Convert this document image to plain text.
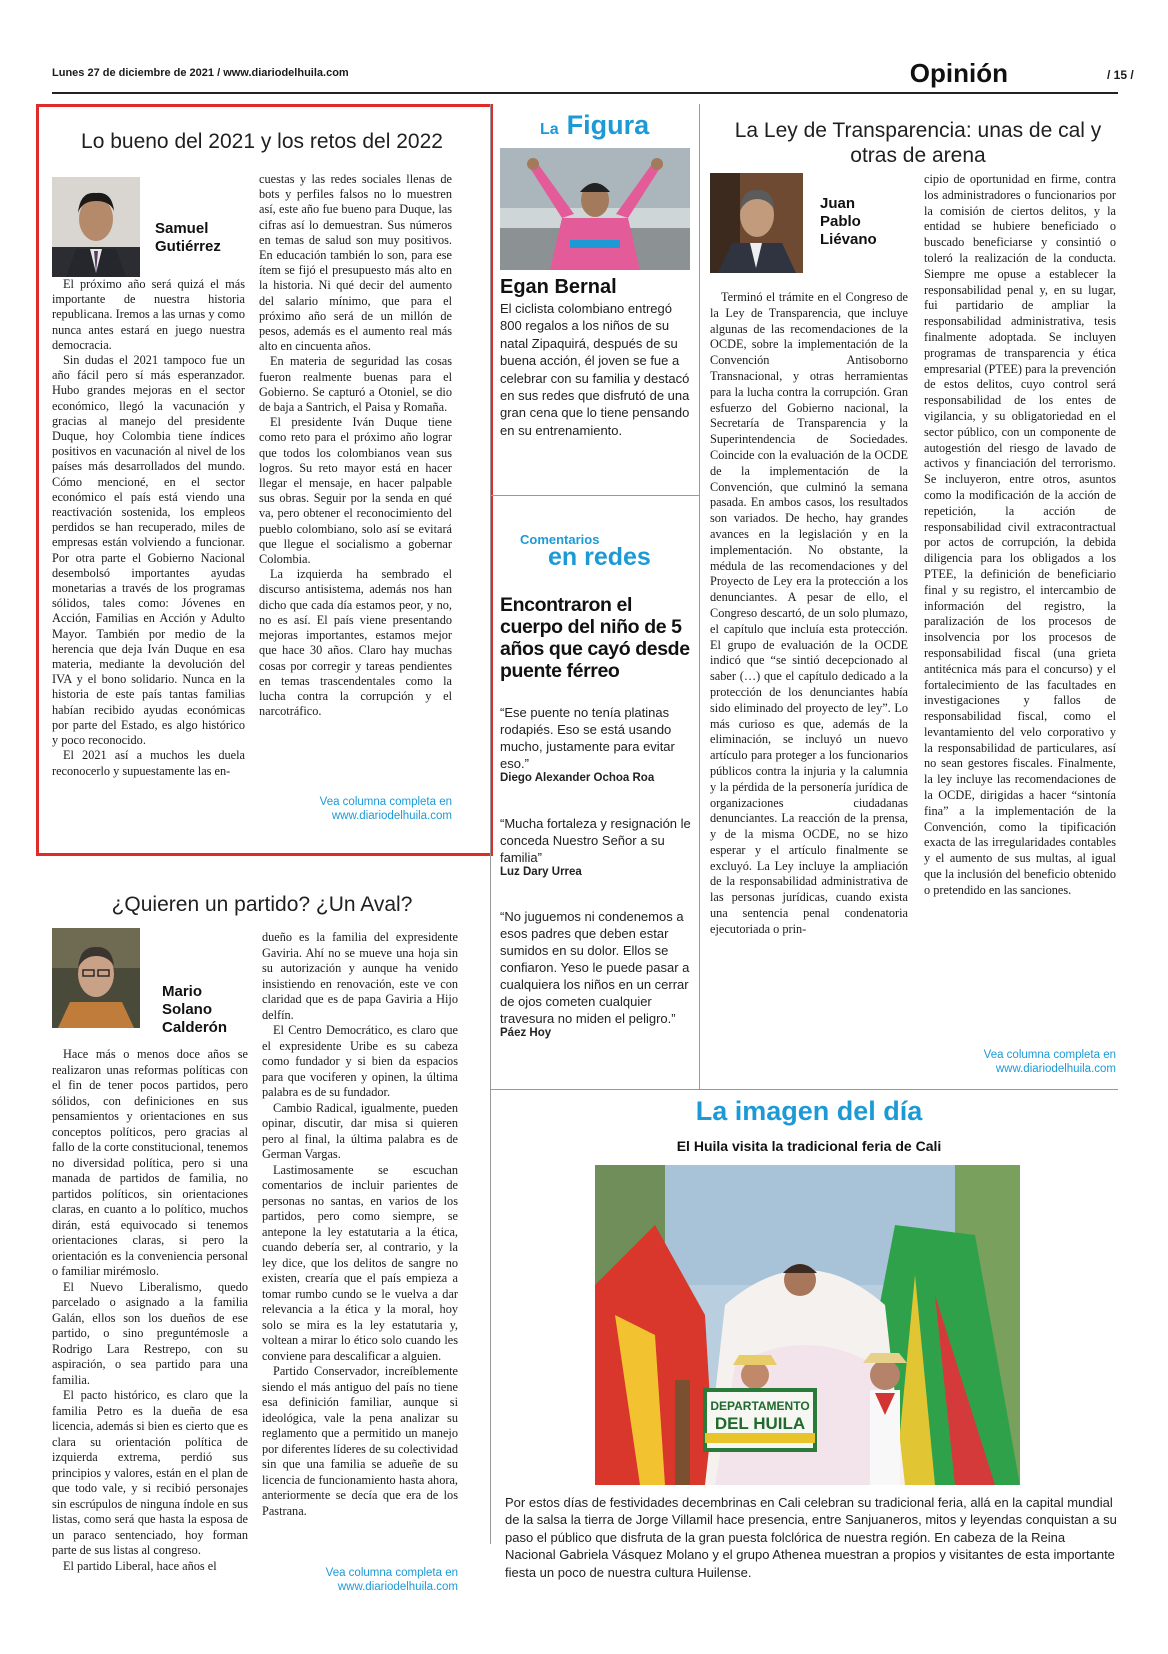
Lunes 27 de diciembre de 2021 / www.diariodelhuila.com	Opinión	/ 15 /
Lo bueno del 2021 y los retos del 2022
Samuel
Gutiérrez

El próximo año será quizá el más importante de nuestra historia republicana. Iremos a las urnas y como nunca antes estará en juego nuestra democracia.

Sin dudas el 2021 tampoco fue un año fácil pero sí más esperanzador. Hubo grandes mejoras en el sector económico, llegó la vacunación y gracias al manejo del presidente Duque, hoy Colombia tiene índices positivos en vacunación al nivel de los países más desarrollados del mundo. Cómo mencioné, en el sector económico el país está viendo una reactivación sostenida, los empleos perdidos se han recuperado, miles de empresas están volviendo a funcionar. Por otra parte el Gobierno Nacional desembolsó importantes ayudas monetarias a través de los programas sólidos, tales como: Jóvenes en Acción, Familias en Acción y Adulto Mayor. También por medio de la herencia que deja Iván Duque en esa materia, mediante la devolución del IVA y el bono solidario. Nunca en la historia de este país tantas familias habían recibido ayudas económicas por parte del Estado, es algo histórico y poco reconocido.

El 2021 así a muchos les duela reconocerlo y supuestamente las en-

cuestas y las redes sociales llenas de bots y perfiles falsos no lo muestren así, este año fue bueno para Duque, las cifras así lo demuestran. Sus números en temas de salud son muy positivos. En educación también lo son, para ese ítem se fijó el presupuesto más alto en la historia. Ni qué decir del aumento del salario mínimo, que para el próximo año será de un millón de pesos, además es el aumento real más alto en cincuenta años.

En materia de seguridad las cosas fueron realmente buenas para el Gobierno. Se capturó a Otoniel, se dio de baja a Santrich, el Paisa y Romaña.

El presidente Iván Duque tiene como reto para el próximo año lograr que todos los colombianos vean sus logros. Su reto mayor está en hacer llegar el mensaje, en hacer palpable sus obras. Seguir por la senda en qué va, pero obtener el reconocimiento del pueblo colombiano, solo así se evitará que llegue el socialismo a gobernar Colombia.

La izquierda ha sembrado el discurso antisistema, además nos han dicho que cada día estamos peor, y no, no es así. El país viene presentando mejoras importantes, estamos mejor que hace 30 años. Claro hay muchas cosas por corregir y tareas pendientes en temas trascendentales como la lucha contra la corrupción y el narcotráfico.

Vea columna completa en
www.diariodelhuila.com
La Figura
Egan Bernal
El ciclista colombiano entregó 800 regalos a los niños de su natal Zipaquirá, después de su buena acción, él joven se fue a celebrar con su familia y destacó en sus redes que disfrutó de una gran cena que lo tiene pensando en su entrenamiento.
Comentarios
en redes
Encontraron el cuerpo del niño de 5 años que cayó desde puente férreo
“Ese puente no tenía platinas rodapiés. Eso se está usando mucho, justamente para evitar eso.”
Diego Alexander Ochoa Roa
“Mucha fortaleza y resignación le conceda Nuestro Señor a su familia”
Luz Dary Urrea
“No juguemos ni condenemos a esos padres que deben estar sumidos en su dolor. Ellos se confiaron. Yeso le puede pasar a cualquiera los niños en un cerrar de ojos cometen cualquier travesura no miden el peligro.”
Páez Hoy
La Ley de Transparencia: unas de cal y otras de arena
Juan
Pablo
Liévano

Terminó el trámite en el Congreso de la Ley de Transparencia, que incluye algunas de las recomendaciones de la OCDE, sobre la implementación de la Convención Antisoborno Transnacional, y otras herramientas para la lucha contra la corrupción. Gran esfuerzo del Gobierno nacional, la Secretaría de Transparencia y la Superintendencia de Sociedades. Coincide con la evaluación de la OCDE de la implementación de la Convención, que culminó la semana pasada. En ambos casos, los resultados son variados. De hecho, hay grandes avances en la legislación y en la implementación. No obstante, la médula de las recomendaciones y del Proyecto de Ley era la protección a los denunciantes. A pesar de ello, el Congreso descartó, de un solo plumazo, el capítulo que incluía esta protección. El grupo de evaluación de la OCDE indicó que “se sintió decepcionado al saber (…) que el capítulo dedicado a la protección de los denunciantes había sido eliminado del proyecto de ley”. Lo más curioso es que, además de la eliminación, se incluyó un nuevo artículo para proteger a los funcionarios públicos contra la injuria y la calumnia y la pérdida de la personería jurídica de organizaciones ciudadanas denunciantes. La reacción de la prensa, y de la misma OCDE, no se hizo esperar y el artículo finalmente se excluyó. La Ley incluye la ampliación de la responsabilidad administrativa de las personas jurídicas, cuando exista una sentencia penal condenatoria ejecutoriada o prin-

cipio de oportunidad en firme, contra los administradores o funcionarios por la comisión de ciertos delitos, y la entidad se hubiere beneficiado o buscado beneficiarse y consintió o toleró la realización de la conducta. Siempre me opuse a establecer la responsabilidad penal y, en su lugar, fui partidario de ampliar la responsabilidad administrativa, tesis finalmente adoptada. Se incluyen programas de transparencia y ética empresarial (PTEE) para la prevención de estos delitos, cuyo control será responsabilidad de los entes de vigilancia, y su obligatoriedad en el sector público, con un componente de autogestión del riesgo de lavado de activos y financiación del terrorismo. Se incluyeron, entre otros, asuntos como la modificación de la acción de repetición, la acción de responsabilidad civil extracontractual por actos de corrupción, la debida diligencia para los obligados a los PTEE, la definición de beneficiario final y su registro, el intercambio de información del registro, la paralización de los procesos de insolvencia por los procesos de responsabilidad fiscal (una grieta antitécnica más para el concurso) y el fortalecimiento de las facultades en investigaciones y fallos de responsabilidad fiscal, como el levantamiento del velo corporativo y la responsabilidad de particulares, así no sean gestores fiscales. Finalmente, la ley incluye las recomendaciones de la OCDE, dirigidas a hacer “sintonía fina” a la implementación de la Convención, como la tipificación exacta de las irregularidades contables y el aumento de sus multas, al igual que la inclusión del beneficio obtenido o pretendido en las sanciones.

Vea columna completa en
www.diariodelhuila.com
¿Quieren un partido? ¿Un Aval?
Mario
Solano
Calderón

Hace más o menos doce años se realizaron unas reformas políticas con el fin de tener pocos partidos, pero sólidos, con definiciones en sus pensamientos y orientaciones en sus conceptos políticos, pero gracias al fallo de la corte constitucional, tenemos no diversidad política, pero si una manada de partidos de familia, no partidos políticos, sin orientaciones claras, en cuanto a lo político, muchos dirán, está equivocado si tenemos orientaciones claras, si pero la orientación es la conveniencia personal o familiar mirémoslo.

El Nuevo Liberalismo, quedo parcelado o asignado a la familia Galán, ellos son los dueños de ese partido, o sino preguntémosle a Rodrigo Lara Restrepo, con su aspiración, o sea partido para una familia.

El pacto histórico, es claro que la familia Petro es la dueña de esa licencia, además si bien es cierto que es clara su orientación política de izquierda extrema, perdió sus principios y valores, están en el plan de que todo vale, y si recibió personajes sin escrúpulos de ninguna índole en sus listas, como será que hasta la esposa de un paraco sentenciado, hoy forman parte de sus listas al congreso.

El partido Liberal, hace años el

dueño es la familia del expresidente Gaviria. Ahí no se mueve una hoja sin su autorización y aunque ha venido insistiendo en renovación, este ve con claridad que es de papa Gaviria a Hijo delfín.

El Centro Democrático, es claro que el expresidente Uribe es su cabeza como fundador y si bien da espacios para que vociferen y opinen, la última palabra es de su fundador.

Cambio Radical, igualmente, pueden opinar, discutir, dar misa si quieren pero al final, la última palabra es de German Vargas.

Lastimosamente se escuchan comentarios de incluir parientes de personas no santas, en varios de los partidos, pero como siempre, se antepone la ley estatutaria a la ética, cuando debería ser, al contrario, y la ley dice, que los delitos de sangre no existen, crearía que el país empieza a tomar rumbo cundo se le vuelva a dar relevancia a la ética y la moral, hoy solo se mira es la ley estatutaria y, voltean a mirar lo ético solo cuando les conviene para descalificar a alguien.

Partido Conservador, increíblemente siendo el más antiguo del país no tiene esa definición familiar, aunque si ideológica, vale la pena analizar su reglamento que a permitido un manejo por diferentes líderes de su colectividad sin que una familia se adueñe de su licencia de funcionamiento hasta ahora, anteriormente se decía que era de los Pastrana.

Vea columna completa en
www.diariodelhuila.com
La imagen del día
El Huila visita la tradicional feria de Cali
DEPARTAMENTO
DEL HUILA
Por estos días de festividades decembrinas en Cali celebran su tradicional feria, allá en la capital mundial de la salsa la tierra de Jorge Villamil hace presencia, entre Sanjuaneros, mitos y leyendas conquistan a su paso el público que disfruta de la gran puesta folclórica de nuestra región. En cabeza de la Reina Nacional Gabriela Vásquez Molano y el grupo Athenea muestran a propios y visitantes de esta importante fiesta un poco de nuestra cultura Huilense.
